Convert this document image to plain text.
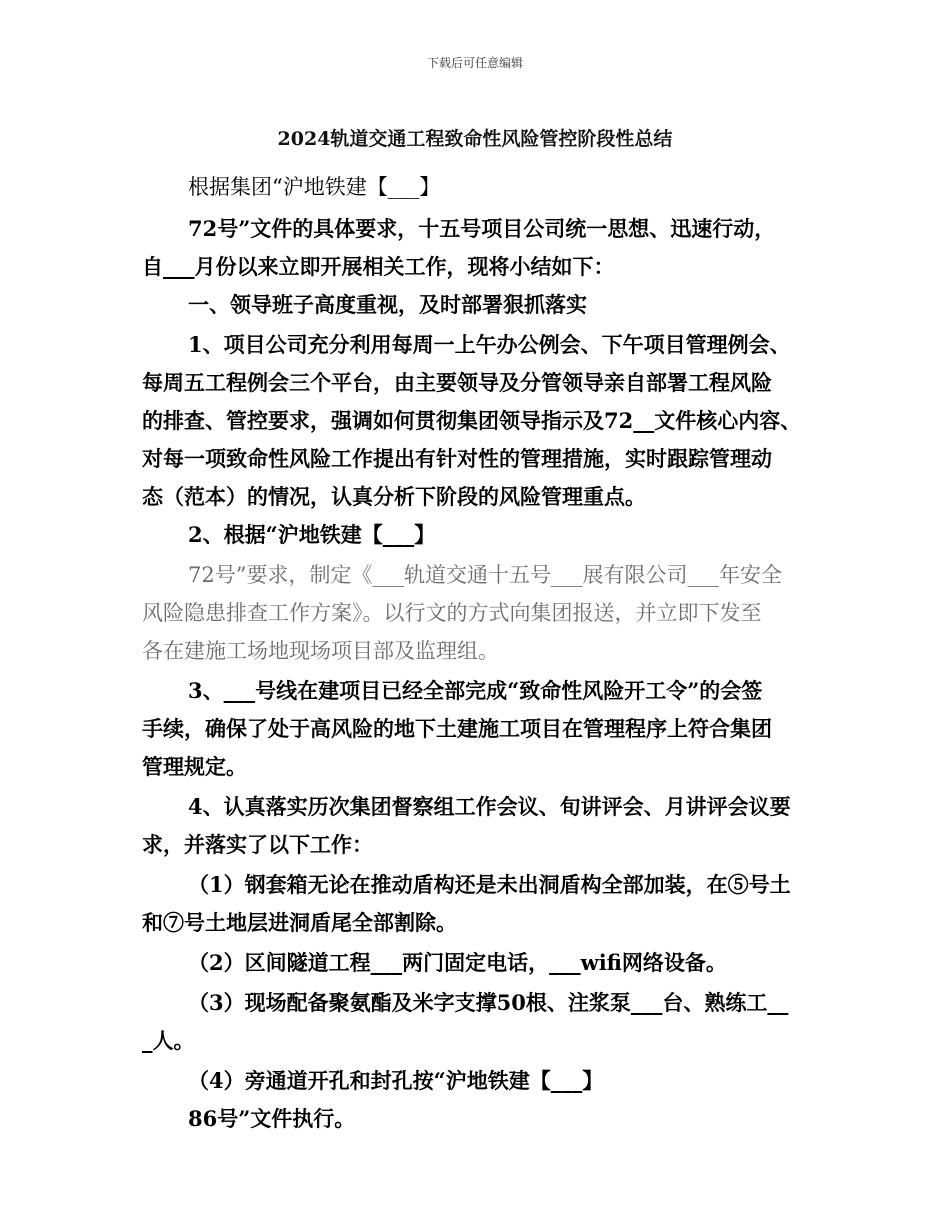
下载后可任意编辑
2024轨道交通工程致命性风险管控阶段性总结
根据集团“沪地铁建【___】
72号”文件的具体要求，十五号项目公司统一思想、迅速行动，
自___月份以来立即开展相关工作，现将小结如下：
一、领导班子高度重视，及时部署狠抓落实
1、项目公司充分利用每周一上午办公例会、下午项目管理例会、
每周五工程例会三个平台，由主要领导及分管领导亲自部署工程风险
的排查、管控要求，强调如何贯彻集团领导指示及72__文件核心内容、
对每一项致命性风险工作提出有针对性的管理措施，实时跟踪管理动
态（范本）的情况，认真分析下阶段的风险管理重点。
2、根据“沪地铁建【___】
72号”要求，制定《___轨道交通十五号___展有限公司___年安全
风险隐患排查工作方案》。以行文的方式向集团报送，并立即下发至
各在建施工场地现场项目部及监理组。
3、___号线在建项目已经全部完成“致命性风险开工令”的会签
手续，确保了处于高风险的地下土建施工项目在管理程序上符合集团
管理规定。
4、认真落实历次集团督察组工作会议、旬讲评会、月讲评会议要
求，并落实了以下工作：
（1）钢套箱无论在推动盾构还是未出洞盾构全部加装，在⑤号土
和⑦号土地层进洞盾尾全部割除。
（2）区间隧道工程___两门固定电话，___wifi网络设备。
（3）现场配备聚氨酯及米字支撑50根、注浆泵___台、熟练工__
_人。
（4）旁通道开孔和封孔按“沪地铁建【___】
86号”文件执行。
